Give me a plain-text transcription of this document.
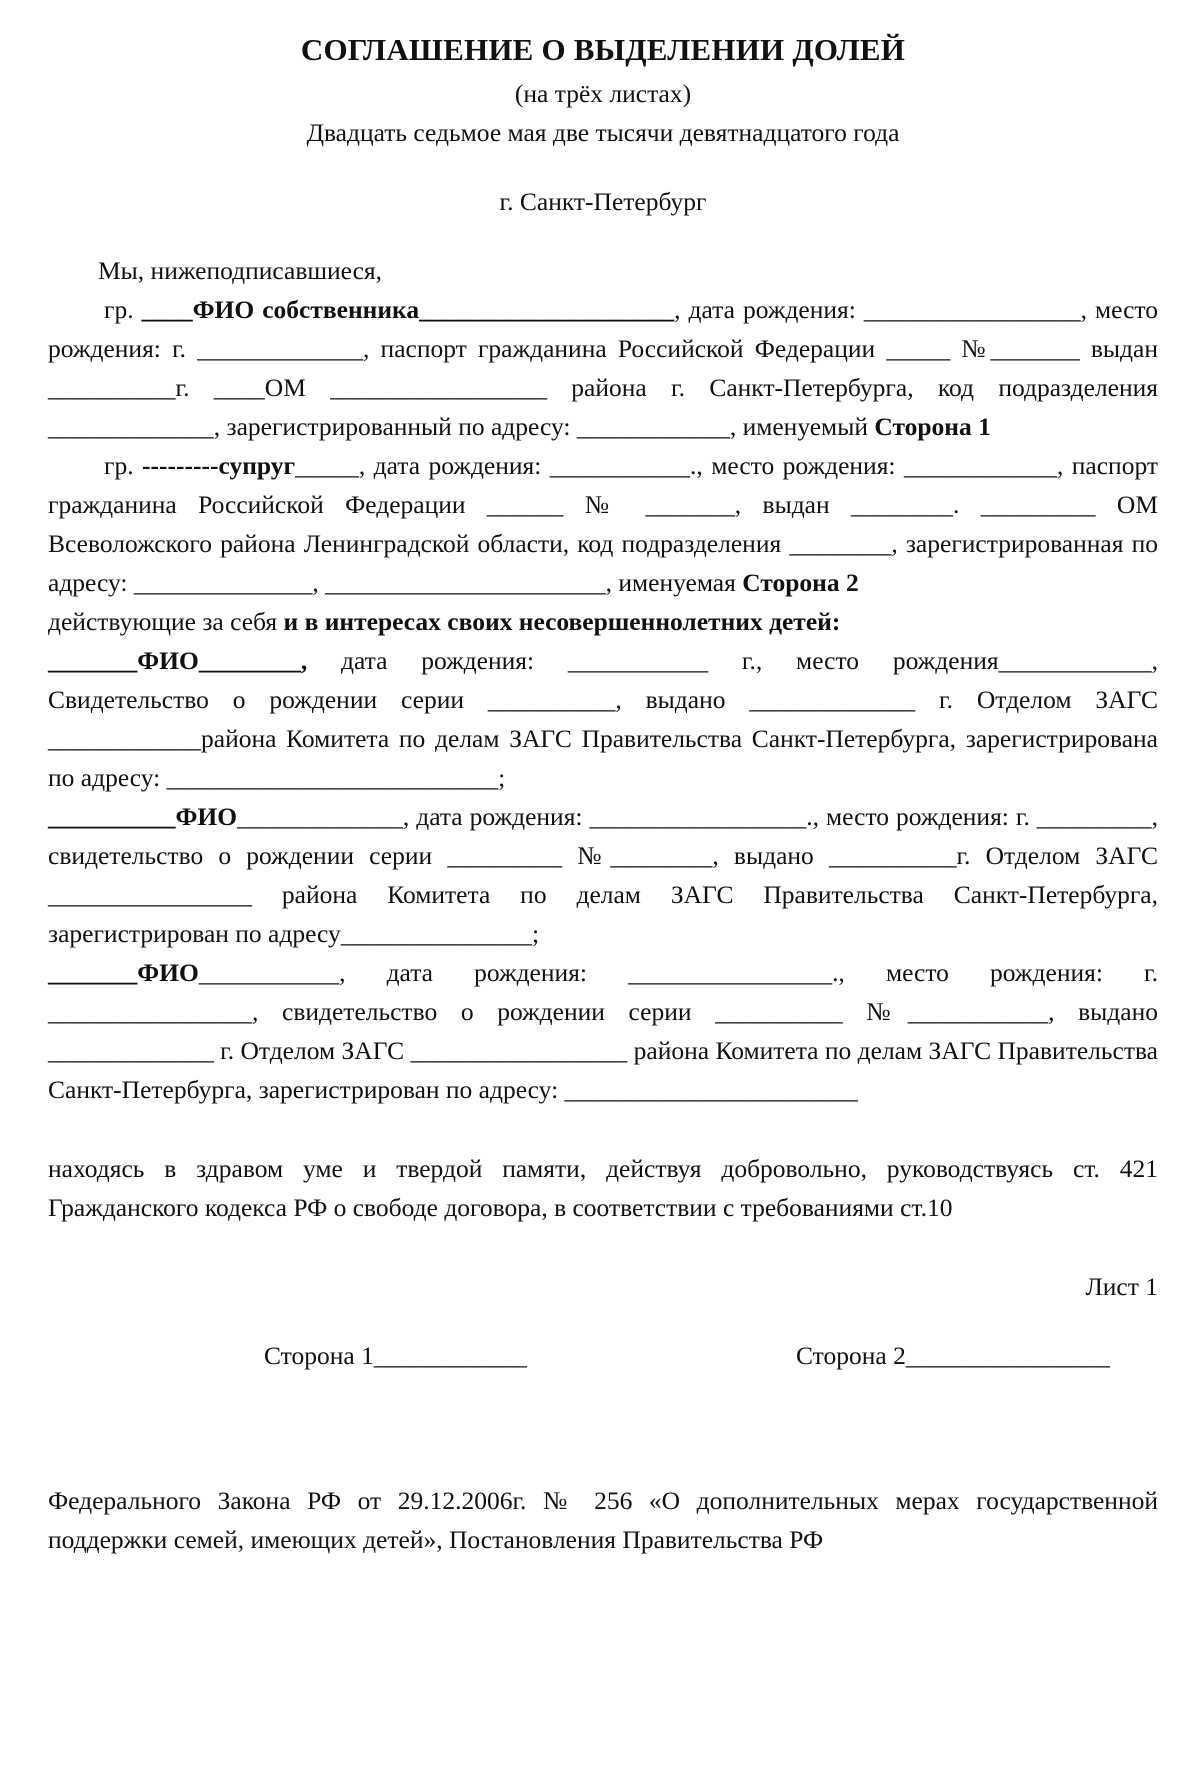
СОГЛАШЕНИЕ О ВЫДЕЛЕНИИ ДОЛЕЙ

(на трёх листах)

Двадцать седьмое мая две тысячи девятнадцатого года

г. Санкт-Петербург

Мы, нижеподписавшиеся,

гр. ____ФИО собственника____________________, дата рождения: _________________, место рождения: г. _____________, паспорт гражданина Российской Федерации _____ №_______ выдан __________г. ____ОМ _________________ района г. Санкт-Петербурга, код подразделения _____________, зарегистрированный по адресу: ____________, именуемый Сторона 1

гр. ---------супруг_____, дата рождения: ___________., место рождения: ____________, паспорт гражданина Российской Федерации ______ № _______, выдан ________. _________ ОМ Всеволожского района Ленинградской области, код подразделения ________, зарегистрированная по адресу: ______________, ______________________, именуемая Сторона 2

действующие за себя и в интересах своих несовершеннолетних детей:

_______ФИО________, дата рождения: ___________ г., место рождения____________, Свидетельство о рождении серии __________, выдано _____________ г. Отделом ЗАГС ____________района Комитета по делам ЗАГС Правительства Санкт-Петербурга, зарегистрирована по адресу: __________________________;

__________ФИО_____________, дата рождения: _________________., место рождения: г. _________, свидетельство о рождении серии _________ №________, выдано __________г. Отделом ЗАГС ________________ района Комитета по делам ЗАГС Правительства Санкт-Петербурга, зарегистрирован по адресу_______________;

_______ФИО___________, дата рождения: ________________., место рождения: г. ________________, свидетельство о рождении серии __________ №___________, выдано _____________ г. Отделом ЗАГС _________________ района Комитета по делам ЗАГС Правительства Санкт-Петербурга, зарегистрирован по адресу: _______________________

находясь в здравом уме и твердой памяти, действуя добровольно, руководствуясь ст. 421 Гражданского кодекса РФ о свободе договора, в соответствии с требованиями ст.10

Лист 1

Сторона 1____________	Сторона 2________________

Федерального Закона РФ от 29.12.2006г. № 256 «О дополнительных мерах государственной поддержки семей, имеющих детей», Постановления Правительства РФ
